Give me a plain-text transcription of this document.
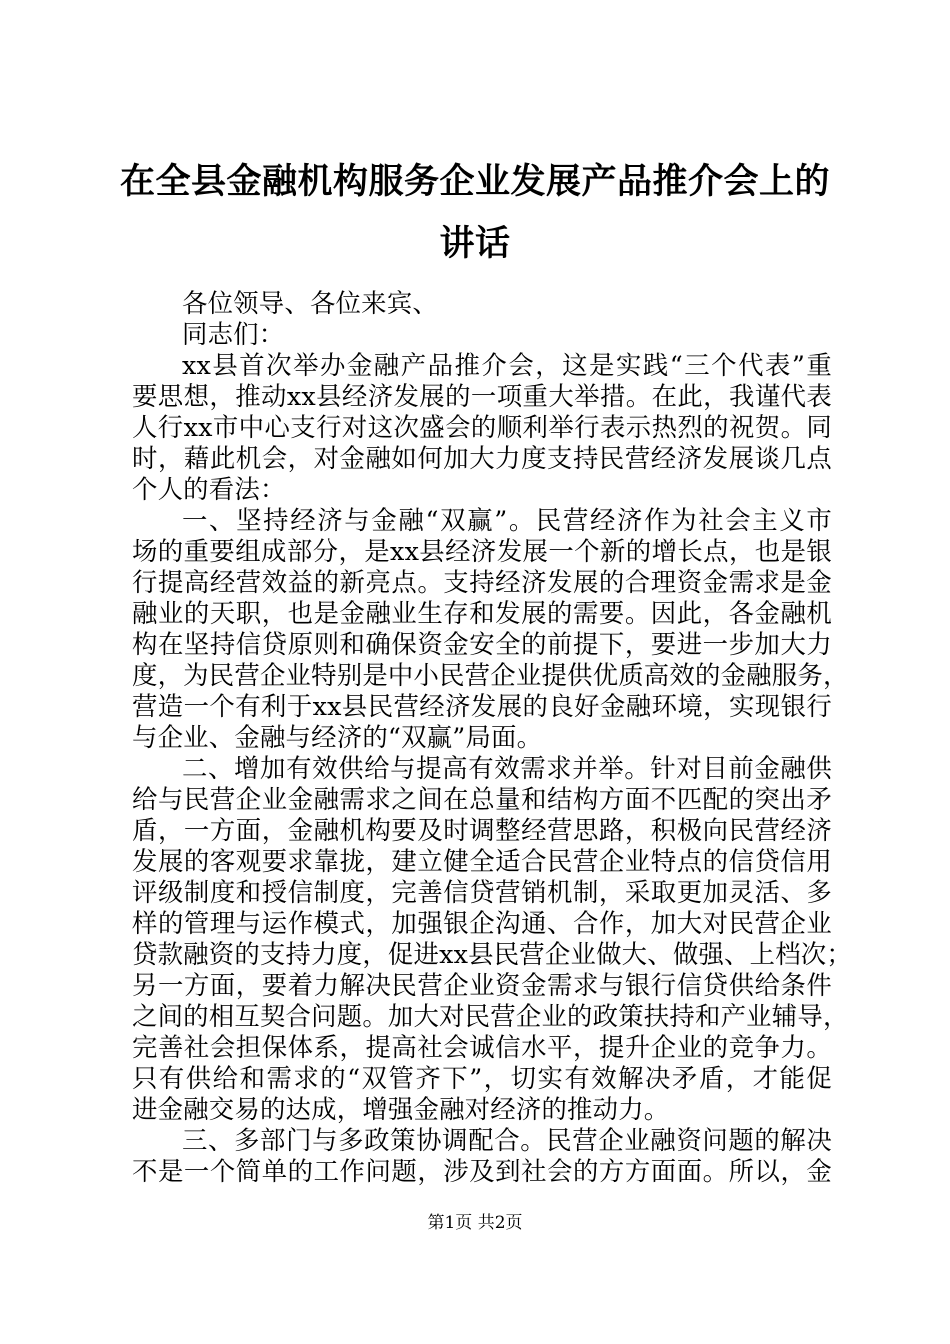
在全县金融机构服务企业发展产品推介会上的
讲话
各位领导、各位来宾、
同志们：
xx县首次举办金融产品推介会，这是实践“三个代表”重
要思想，推动xx县经济发展的一项重大举措。在此，我谨代表
人行xx市中心支行对这次盛会的顺利举行表示热烈的祝贺。同
时，藉此机会，对金融如何加大力度支持民营经济发展谈几点
个人的看法：
一、坚持经济与金融“双赢”。民营经济作为社会主义市
场的重要组成部分，是xx县经济发展一个新的增长点，也是银
行提高经营效益的新亮点。支持经济发展的合理资金需求是金
融业的天职，也是金融业生存和发展的需要。因此，各金融机
构在坚持信贷原则和确保资金安全的前提下，要进一步加大力
度，为民营企业特别是中小民营企业提供优质高效的金融服务，
营造一个有利于xx县民营经济发展的良好金融环境，实现银行
与企业、金融与经济的“双赢”局面。
二、增加有效供给与提高有效需求并举。针对目前金融供
给与民营企业金融需求之间在总量和结构方面不匹配的突出矛
盾，一方面，金融机构要及时调整经营思路，积极向民营经济
发展的客观要求靠拢，建立健全适合民营企业特点的信贷信用
评级制度和授信制度，完善信贷营销机制，采取更加灵活、多
样的管理与运作模式，加强银企沟通、合作，加大对民营企业
贷款融资的支持力度，促进xx县民营企业做大、做强、上档次；
另一方面，要着力解决民营企业资金需求与银行信贷供给条件
之间的相互契合问题。加大对民营企业的政策扶持和产业辅导，
完善社会担保体系，提高社会诚信水平，提升企业的竞争力。
只有供给和需求的“双管齐下”，切实有效解决矛盾，才能促
进金融交易的达成，增强金融对经济的推动力。
三、多部门与多政策协调配合。民营企业融资问题的解决
不是一个简单的工作问题，涉及到社会的方方面面。所以，金
第1页 共2页
